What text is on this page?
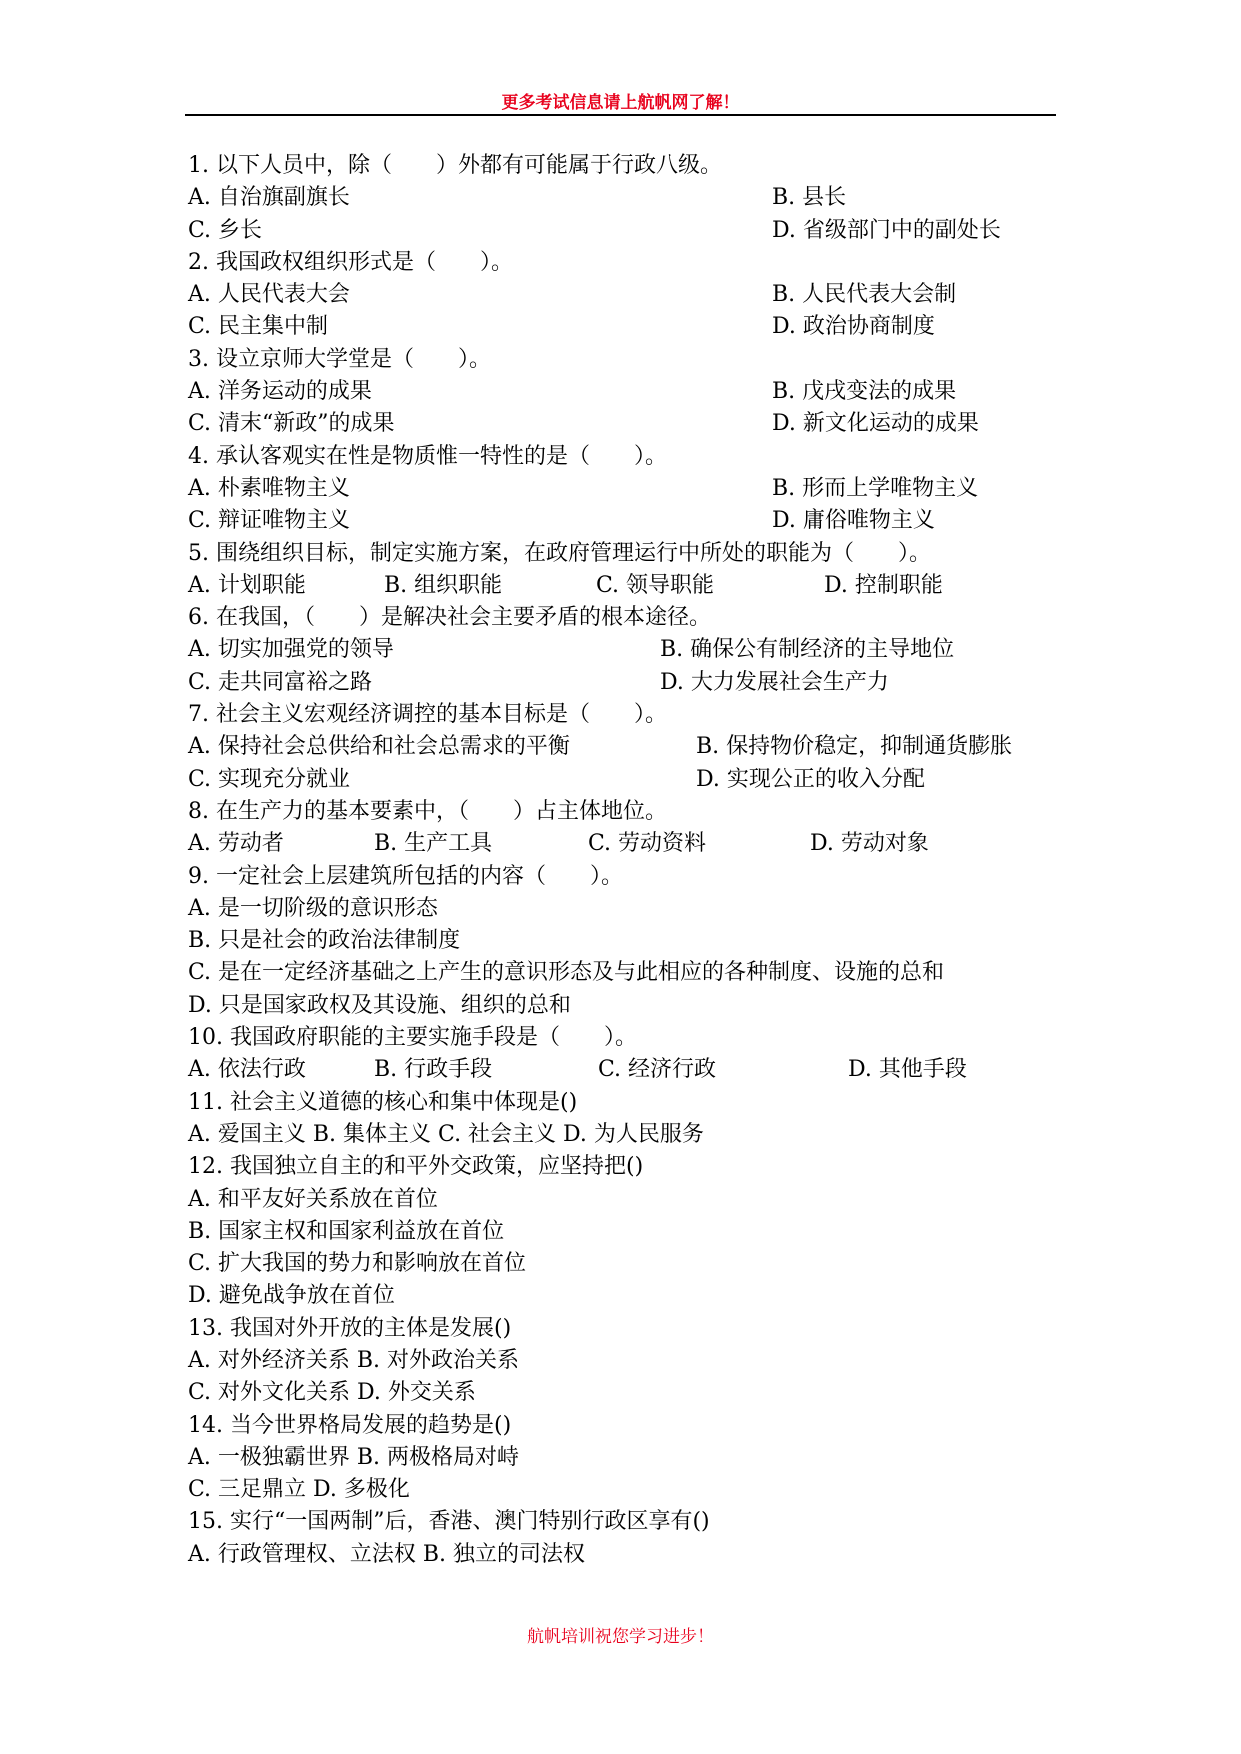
更多考试信息请上航帆网了解！
1. 以下人员中，除（　　）外都有可能属于行政八级。
A. 自治旗副旗长	B. 县长
C. 乡长	D. 省级部门中的副处长
2. 我国政权组织形式是（　　）。
A. 人民代表大会	B. 人民代表大会制
C. 民主集中制	D. 政治协商制度
3. 设立京师大学堂是（　　）。
A. 洋务运动的成果	B. 戊戌变法的成果
C. 清末“新政”的成果	D. 新文化运动的成果
4. 承认客观实在性是物质惟一特性的是（　　）。
A. 朴素唯物主义	B. 形而上学唯物主义
C. 辩证唯物主义	D. 庸俗唯物主义
5. 围绕组织目标，制定实施方案，在政府管理运行中所处的职能为（　　）。
A. 计划职能	B. 组织职能	C. 领导职能	D. 控制职能
6. 在我国，（　　）是解决社会主要矛盾的根本途径。
A. 切实加强党的领导	B. 确保公有制经济的主导地位
C. 走共同富裕之路	D. 大力发展社会生产力
7. 社会主义宏观经济调控的基本目标是（　　）。
A. 保持社会总供给和社会总需求的平衡	B. 保持物价稳定，抑制通货膨胀
C. 实现充分就业	D. 实现公正的收入分配
8. 在生产力的基本要素中，（　　）占主体地位。
A. 劳动者	B. 生产工具	C. 劳动资料	D. 劳动对象
9. 一定社会上层建筑所包括的内容（　　）。
A. 是一切阶级的意识形态
B. 只是社会的政治法律制度
C. 是在一定经济基础之上产生的意识形态及与此相应的各种制度、设施的总和
D. 只是国家政权及其设施、组织的总和
10. 我国政府职能的主要实施手段是（　　）。
A. 依法行政	B. 行政手段	C. 经济行政	D. 其他手段
11. 社会主义道德的核心和集中体现是()
A. 爱国主义 B. 集体主义 C. 社会主义 D. 为人民服务
12. 我国独立自主的和平外交政策，应坚持把()
A. 和平友好关系放在首位
B. 国家主权和国家利益放在首位
C. 扩大我国的势力和影响放在首位
D. 避免战争放在首位
13. 我国对外开放的主体是发展()
A. 对外经济关系 B. 对外政治关系
C. 对外文化关系 D. 外交关系
14. 当今世界格局发展的趋势是()
A. 一极独霸世界 B. 两极格局对峙
C. 三足鼎立 D. 多极化
15. 实行“一国两制”后，香港、澳门特别行政区享有()
A. 行政管理权、立法权 B. 独立的司法权
航帆培训祝您学习进步！
